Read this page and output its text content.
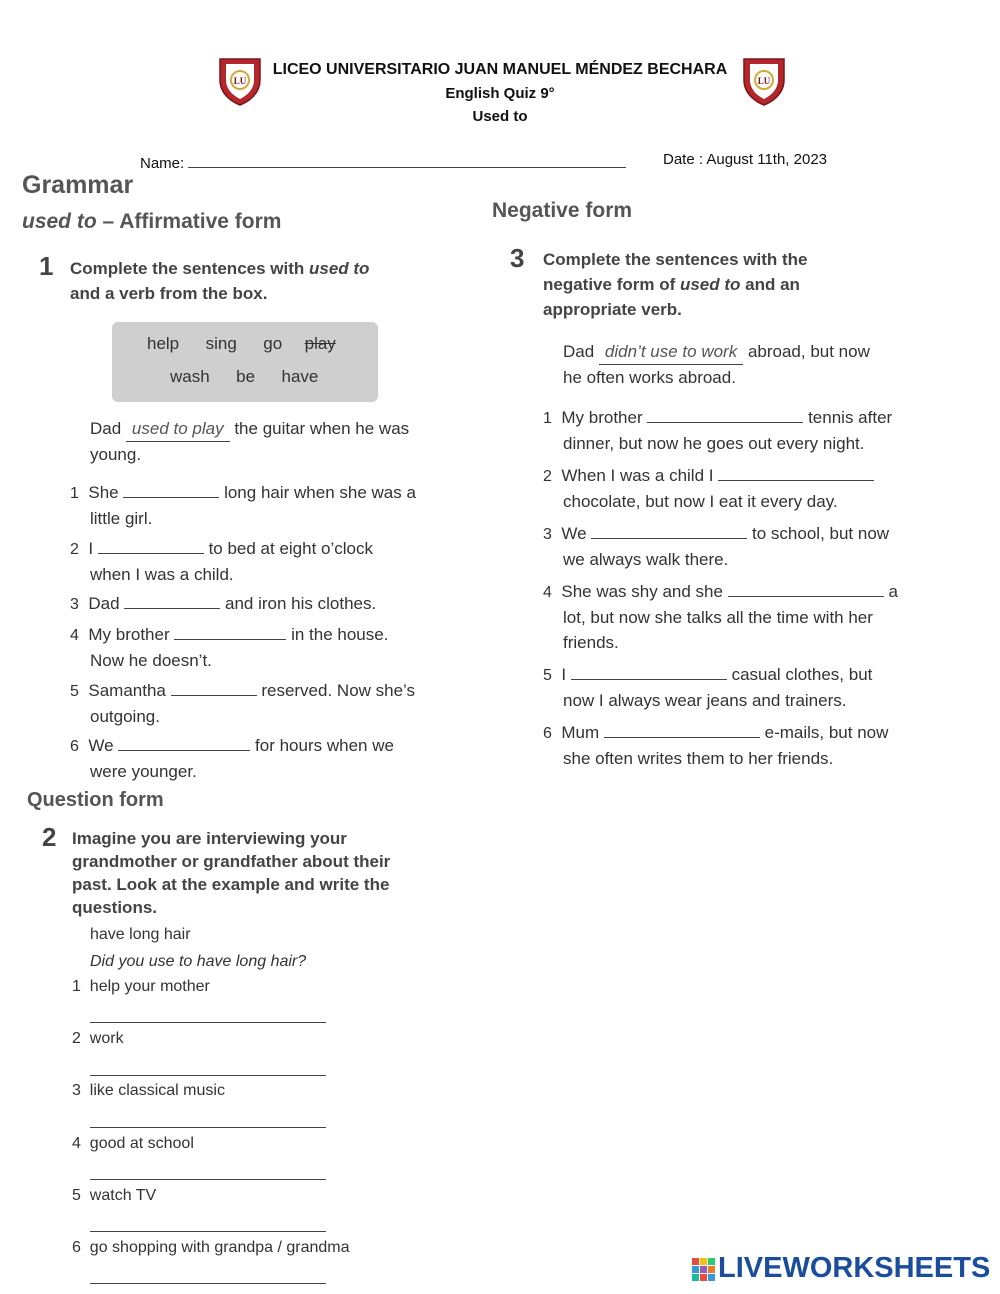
LU	LU
LICEO UNIVERSITARIO JUAN MANUEL MÉNDEZ BECHARA
English Quiz 9°
Used to
Name:	Date : August 11th, 2023
Grammar
used to – Affirmative form
1 Complete the sentences with used to
and a verb from the box.
help sing go play
wash be have
Dad used to play the guitar when he was
young.
1 She	long hair when she was a
little girl.
2 I	to bed at eight o’clock
when I was a child.
3 Dad	and iron his clothes.
4 My brother	in the house.
Now he doesn’t.
5 Samantha	reserved. Now she’s
outgoing.
6 We	for hours when we
were younger.
Question form
2 Imagine you are interviewing your
grandmother or grandfather about their
past. Look at the example and write the
questions.
have long hair
Did you use to have long hair?
1 help your mother
2 work
3 like classical music
4 good at school
5 watch TV
6 go shopping with grandpa / grandma
Negative form
3 Complete the sentences with the
negative form of used to and an
appropriate verb.
Dad didn’t use to work abroad, but now
he often works abroad.
1 My brother	tennis after
dinner, but now he goes out every night.
2 When I was a child I
chocolate, but now I eat it every day.
3 We	to school, but now
we always walk there.
4 She was shy and she	a
lot, but now she talks all the time with her
friends.
5 I	casual clothes, but
now I always wear jeans and trainers.
6 Mum	e-mails, but now
she often writes them to her friends.
LIVEWORKSHEETS
